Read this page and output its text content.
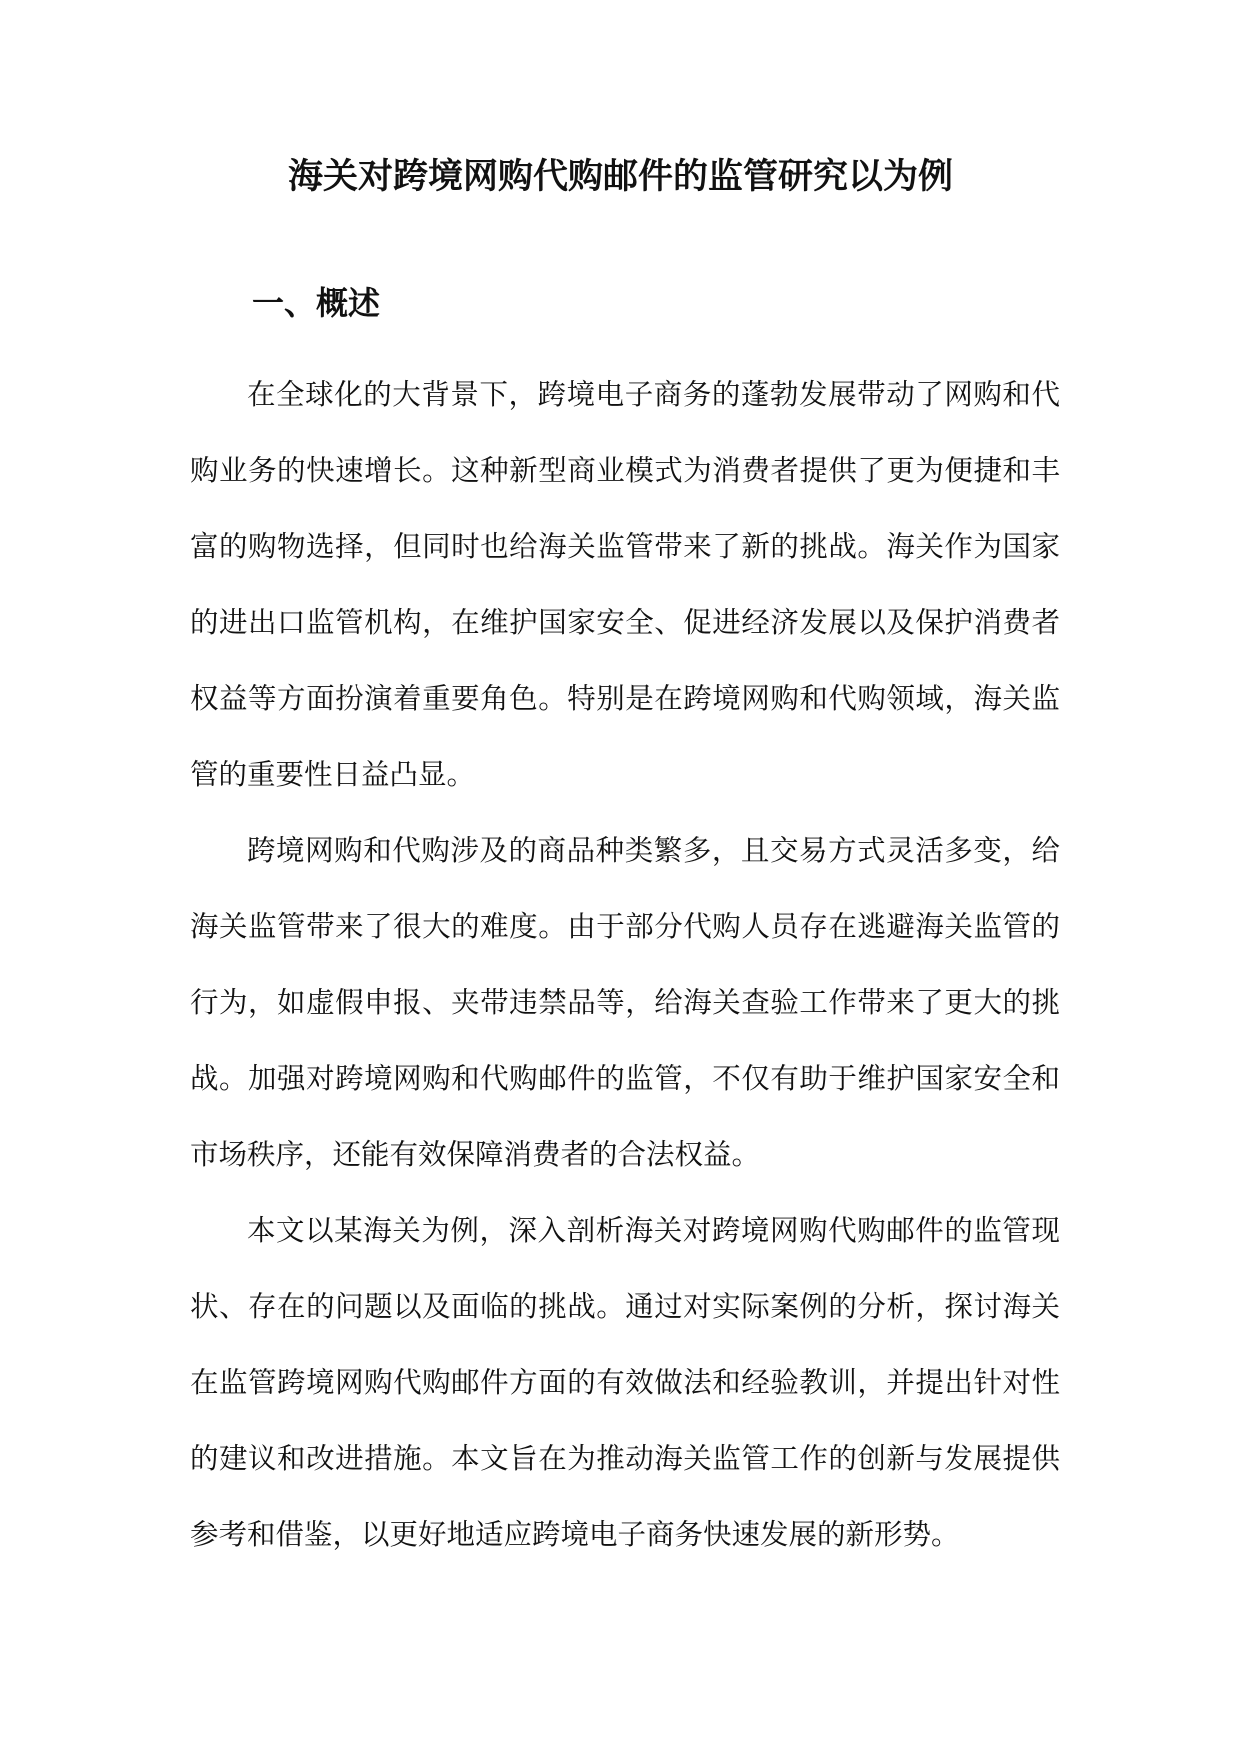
海关对跨境网购代购邮件的监管研究以为例
一、概述

在全球化的大背景下，跨境电子商务的蓬勃发展带动了网购和代购业务的快速增长。这种新型商业模式为消费者提供了更为便捷和丰富的购物选择，但同时也给海关监管带来了新的挑战。海关作为国家的进出口监管机构，在维护国家安全、促进经济发展以及保护消费者权益等方面扮演着重要角色。特别是在跨境网购和代购领域，海关监管的重要性日益凸显。

跨境网购和代购涉及的商品种类繁多，且交易方式灵活多变，给海关监管带来了很大的难度。由于部分代购人员存在逃避海关监管的行为，如虚假申报、夹带违禁品等，给海关查验工作带来了更大的挑战。加强对跨境网购和代购邮件的监管，不仅有助于维护国家安全和市场秩序，还能有效保障消费者的合法权益。

本文以某海关为例，深入剖析海关对跨境网购代购邮件的监管现状、存在的问题以及面临的挑战。通过对实际案例的分析，探讨海关在监管跨境网购代购邮件方面的有效做法和经验教训，并提出针对性的建议和改进措施。本文旨在为推动海关监管工作的创新与发展提供参考和借鉴，以更好地适应跨境电子商务快速发展的新形势。
